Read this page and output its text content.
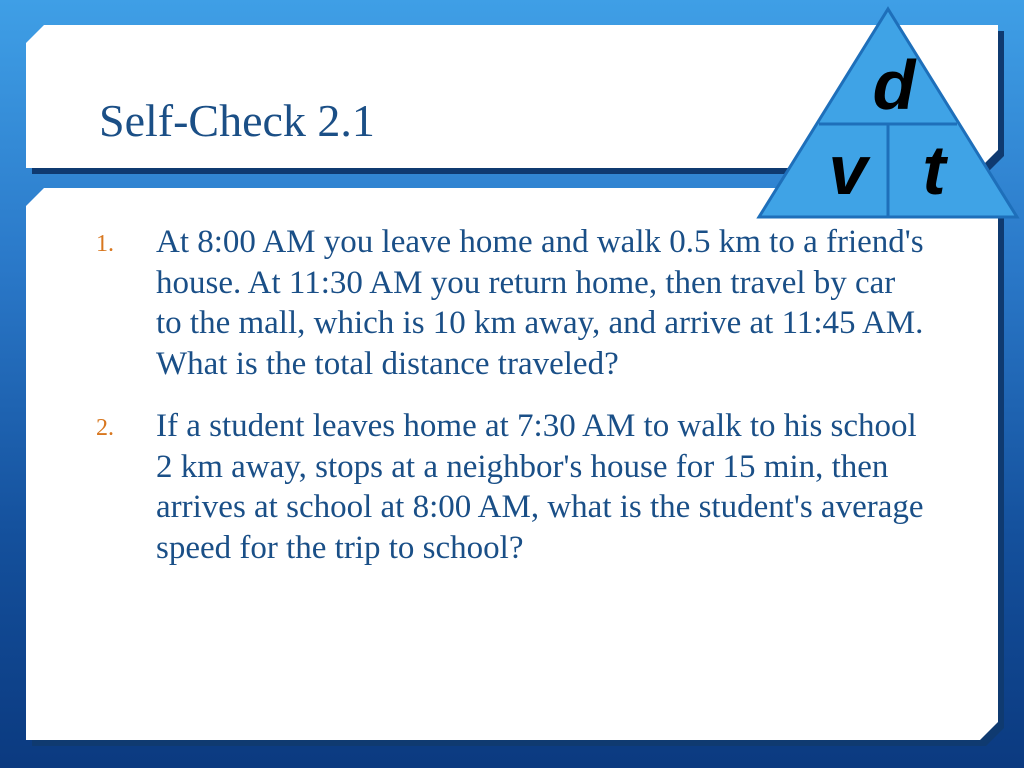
Self-Check 2.1
1. At 8:00 AM you leave home and walk 0.5 km to a friend's house. At 11:30 AM you return home, then travel by car to the mall, which is 10 km away, and arrive at 11:45 AM. What is the total distance traveled?
2. If a student leaves home at 7:30 AM to walk to his school 2 km away, stops at a neighbor's house for 15 min, then arrives at school at 8:00 AM, what is the student's average speed for the trip to school?
d
v t
